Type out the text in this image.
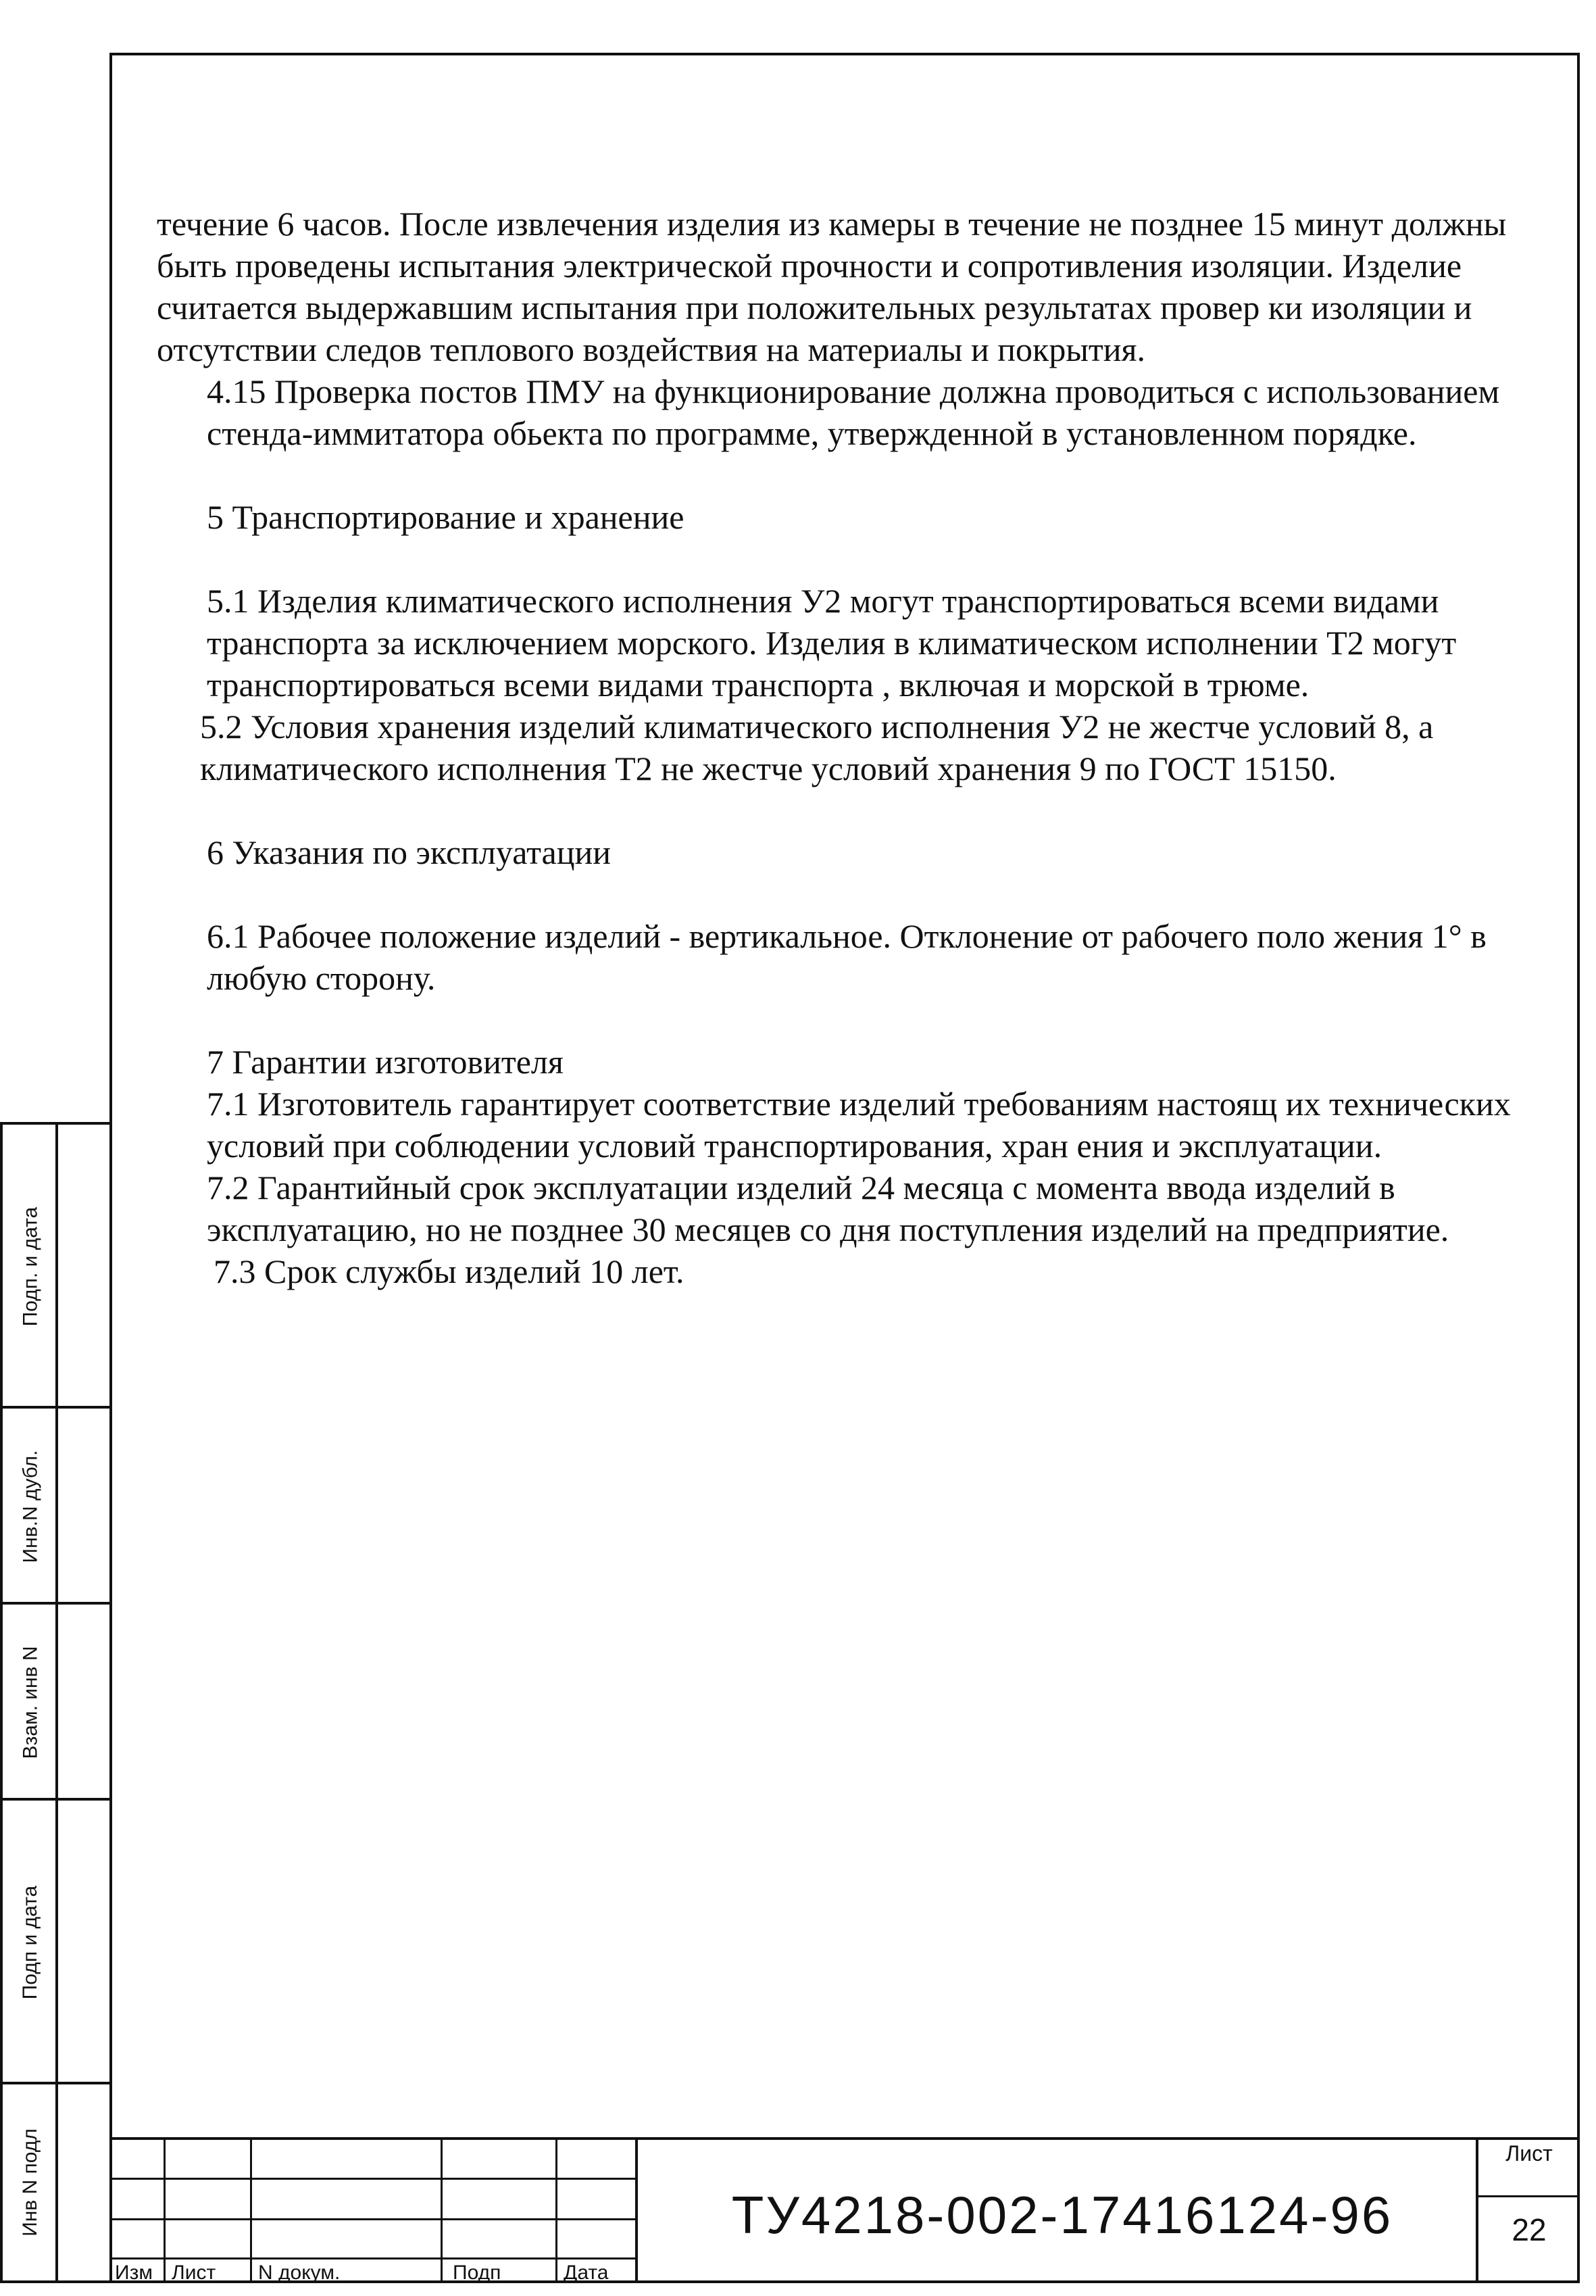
Подп. и дата
Инв.N дубл.
Взам. инв N
Подп и дата
Инв N подл

течение 6 часов. После извлечения изделия из камеры в течение не позднее 15 минут должны быть проведены испытания электрической прочности и сопротивления изоляции. Изделие считается выдержавшим испытания при положительных результатах провер ки изоляции и отсутствии следов теплового воздействия на материалы и покрытия.

4.15 Проверка постов ПМУ на функционирование должна проводиться с использованием стенда-иммитатора обьекта по программе, утвержденной в установленном порядке.

5 Транспортирование и хранение

5.1 Изделия климатического исполнения У2 могут транспортироваться всеми видами транспорта за исключением морского. Изделия в климатическом исполнении Т2 могут транспортироваться всеми видами транспорта , включая и морской в трюме.

5.2 Условия хранения изделий климатического исполнения У2 не жестче условий 8, а климатического исполнения Т2 не жестче условий хранения 9 по ГОСТ 15150.

6 Указания по эксплуатации

6.1 Рабочее положение изделий - вертикальное. Отклонение от рабочего поло жения 1° в любую сторону.

7 Гарантии изготовителя

7.1 Изготовитель гарантирует соответствие изделий требованиям настоящ их технических условий при соблюдении условий транспортирования, хран ения и эксплуатации.

7.2 Гарантийный срок эксплуатации изделий 24 месяца с момента ввода изделий в эксплуатацию, но не позднее 30 месяцев со дня поступления изделий на предприятие.

7.3 Срок службы изделий 10 лет.

Изм Лист N докум.	Подп	Дата
ТУ4218-002-17416124-96
Лист
22
